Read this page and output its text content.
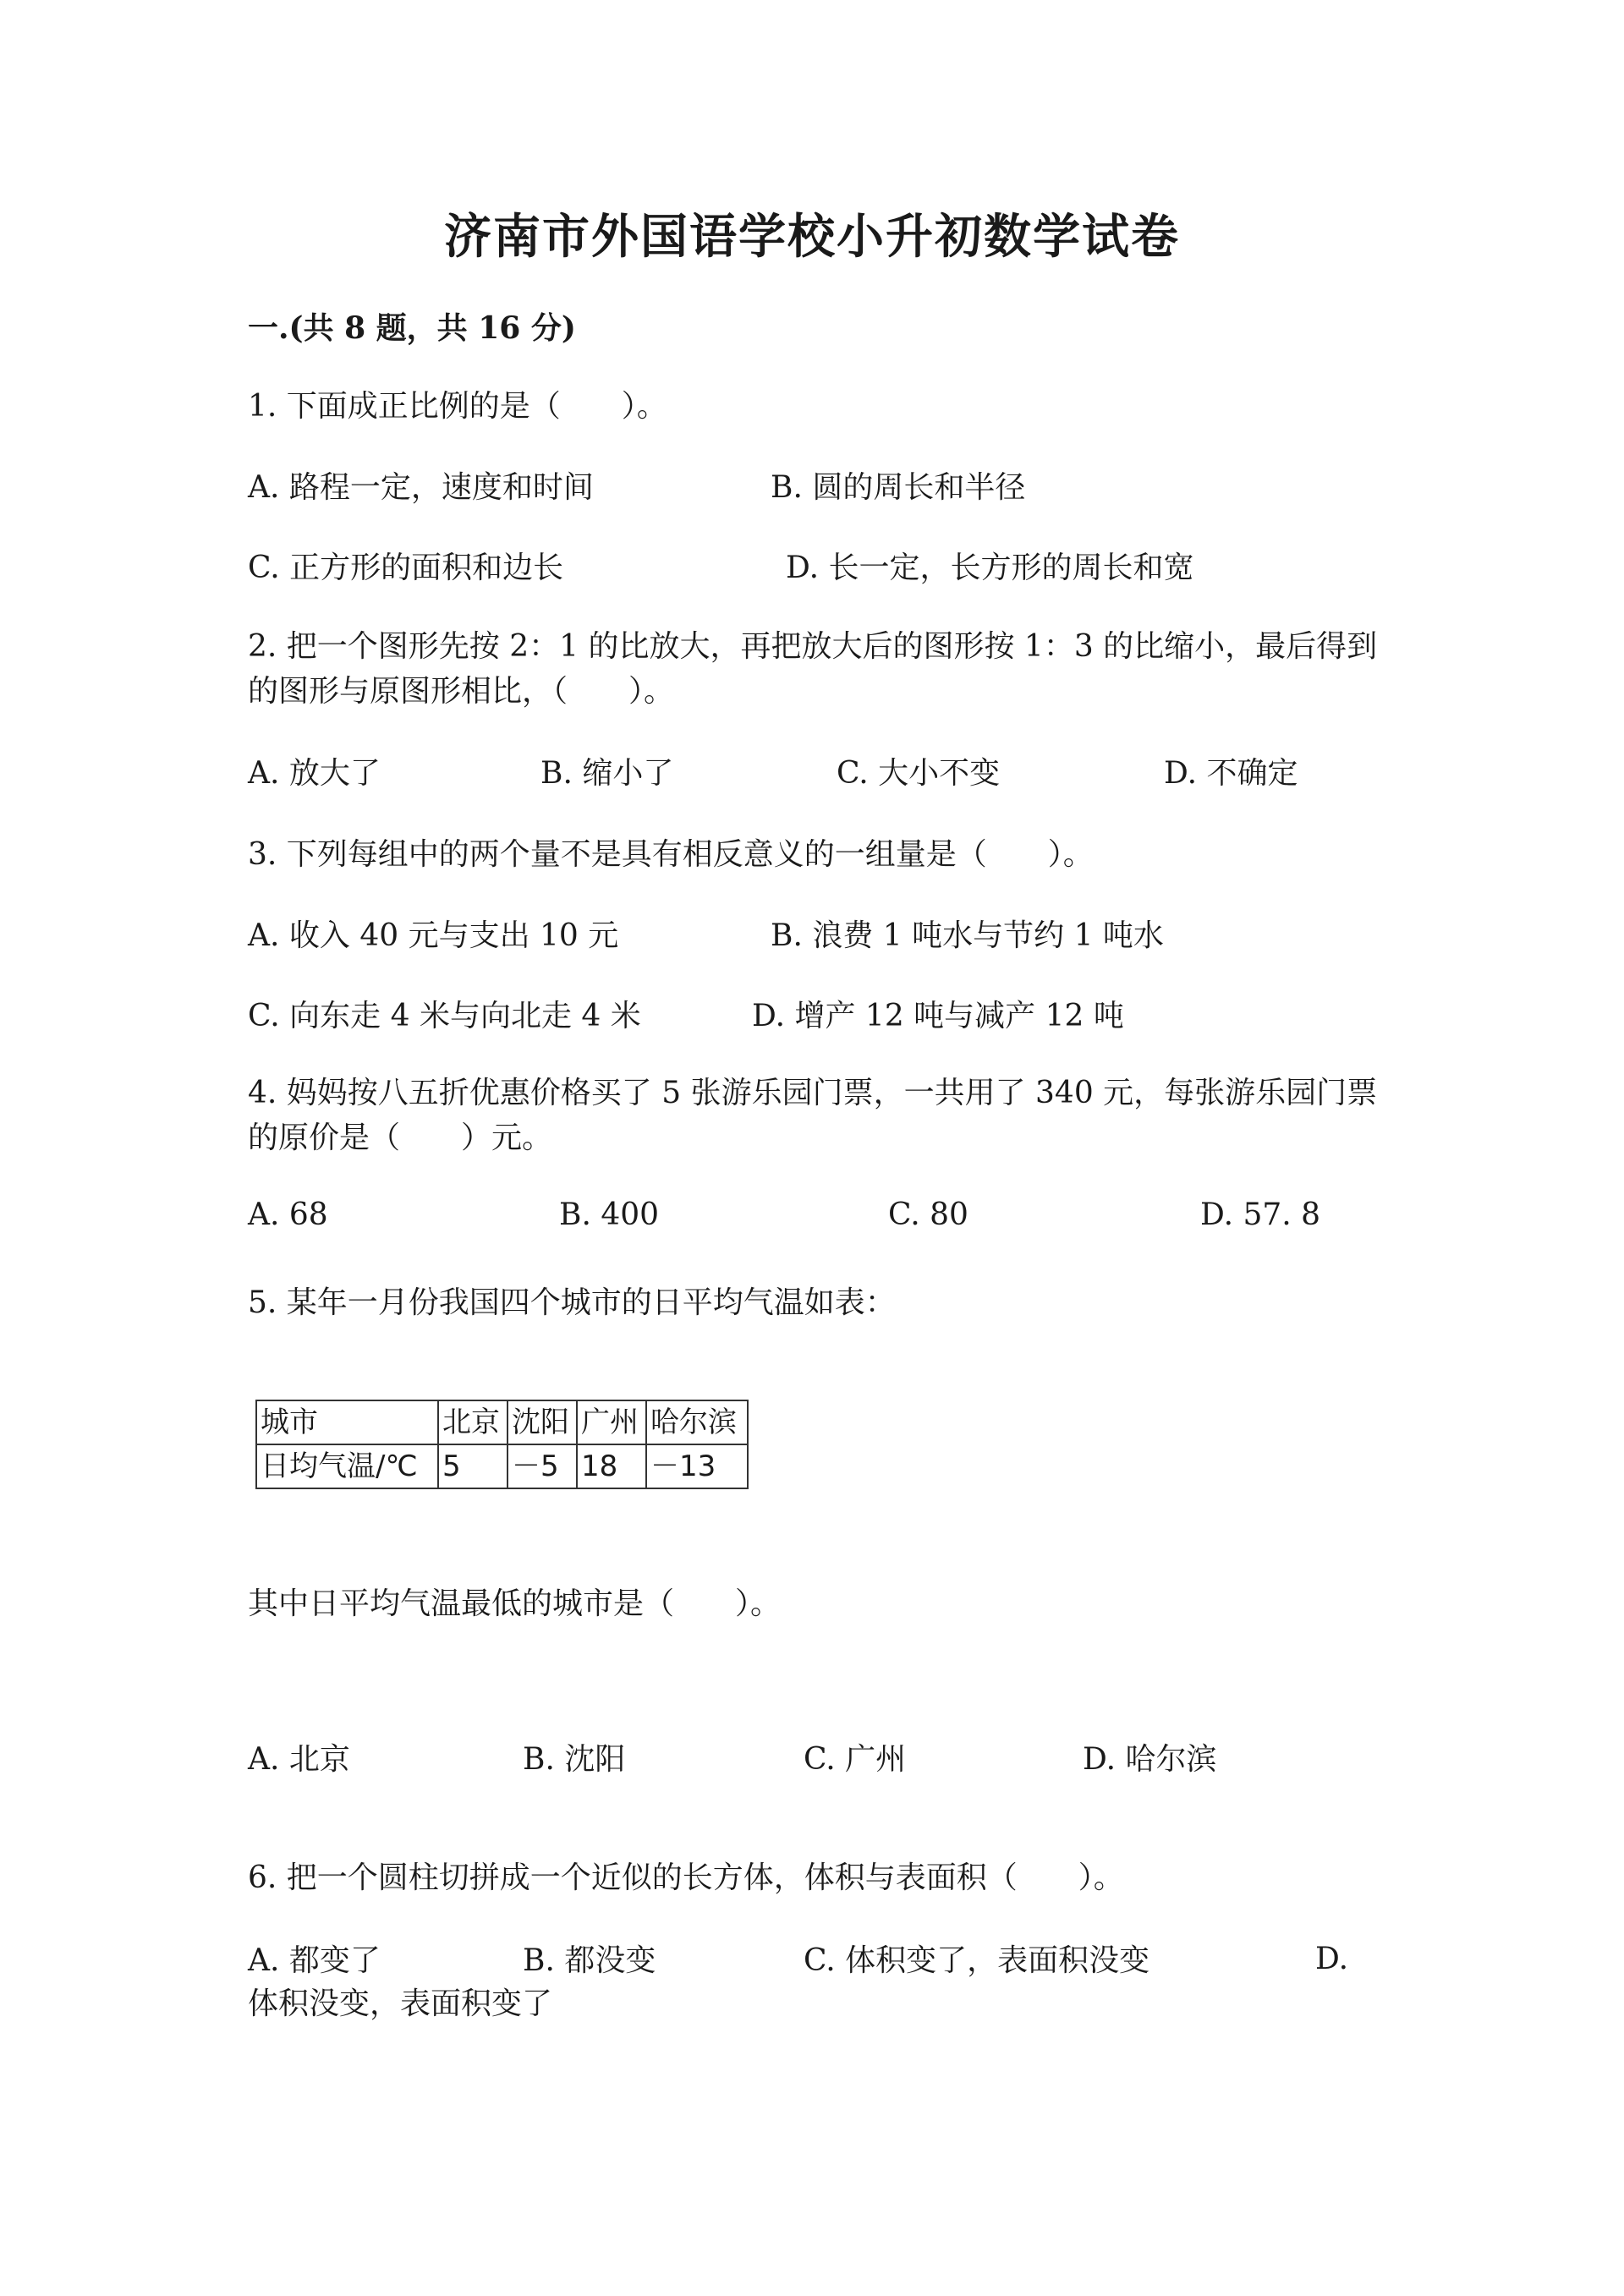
济南市外国语学校小升初数学试卷
一.(共 8 题，共 16 分)
1. 下面成正比例的是（　　）。
A. 路程一定，速度和时间	B. 圆的周长和半径
C. 正方形的面积和边长	D. 长一定，长方形的周长和宽
2. 把一个图形先按 2：1 的比放大，再把放大后的图形按 1：3 的比缩小，最后得到的图形与原图形相比，（　　）。
A. 放大了	B. 缩小了	C. 大小不变	D. 不确定
3. 下列每组中的两个量不是具有相反意义的一组量是（　　）。
A. 收入 40 元与支出 10 元	B. 浪费 1 吨水与节约 1 吨水
C. 向东走 4 米与向北走 4 米	D. 增产 12 吨与减产 12 吨
4. 妈妈按八五折优惠价格买了 5 张游乐园门票，一共用了 340 元，每张游乐园门票的原价是（　　）元。
A. 68	B. 400	C. 80	D. 57. 8
5. 某年一月份我国四个城市的日平均气温如表：
城市	北京	沈阳	广州	哈尔滨
日均气温/℃	5	－5	18	－13
其中日平均气温最低的城市是（　　）。
A. 北京	B. 沈阳	C. 广州	D. 哈尔滨
6. 把一个圆柱切拼成一个近似的长方体，体积与表面积（　　）。
A. 都变了	B. 都没变	C. 体积变了，表面积没变	D. 体积没变，表面积变了
